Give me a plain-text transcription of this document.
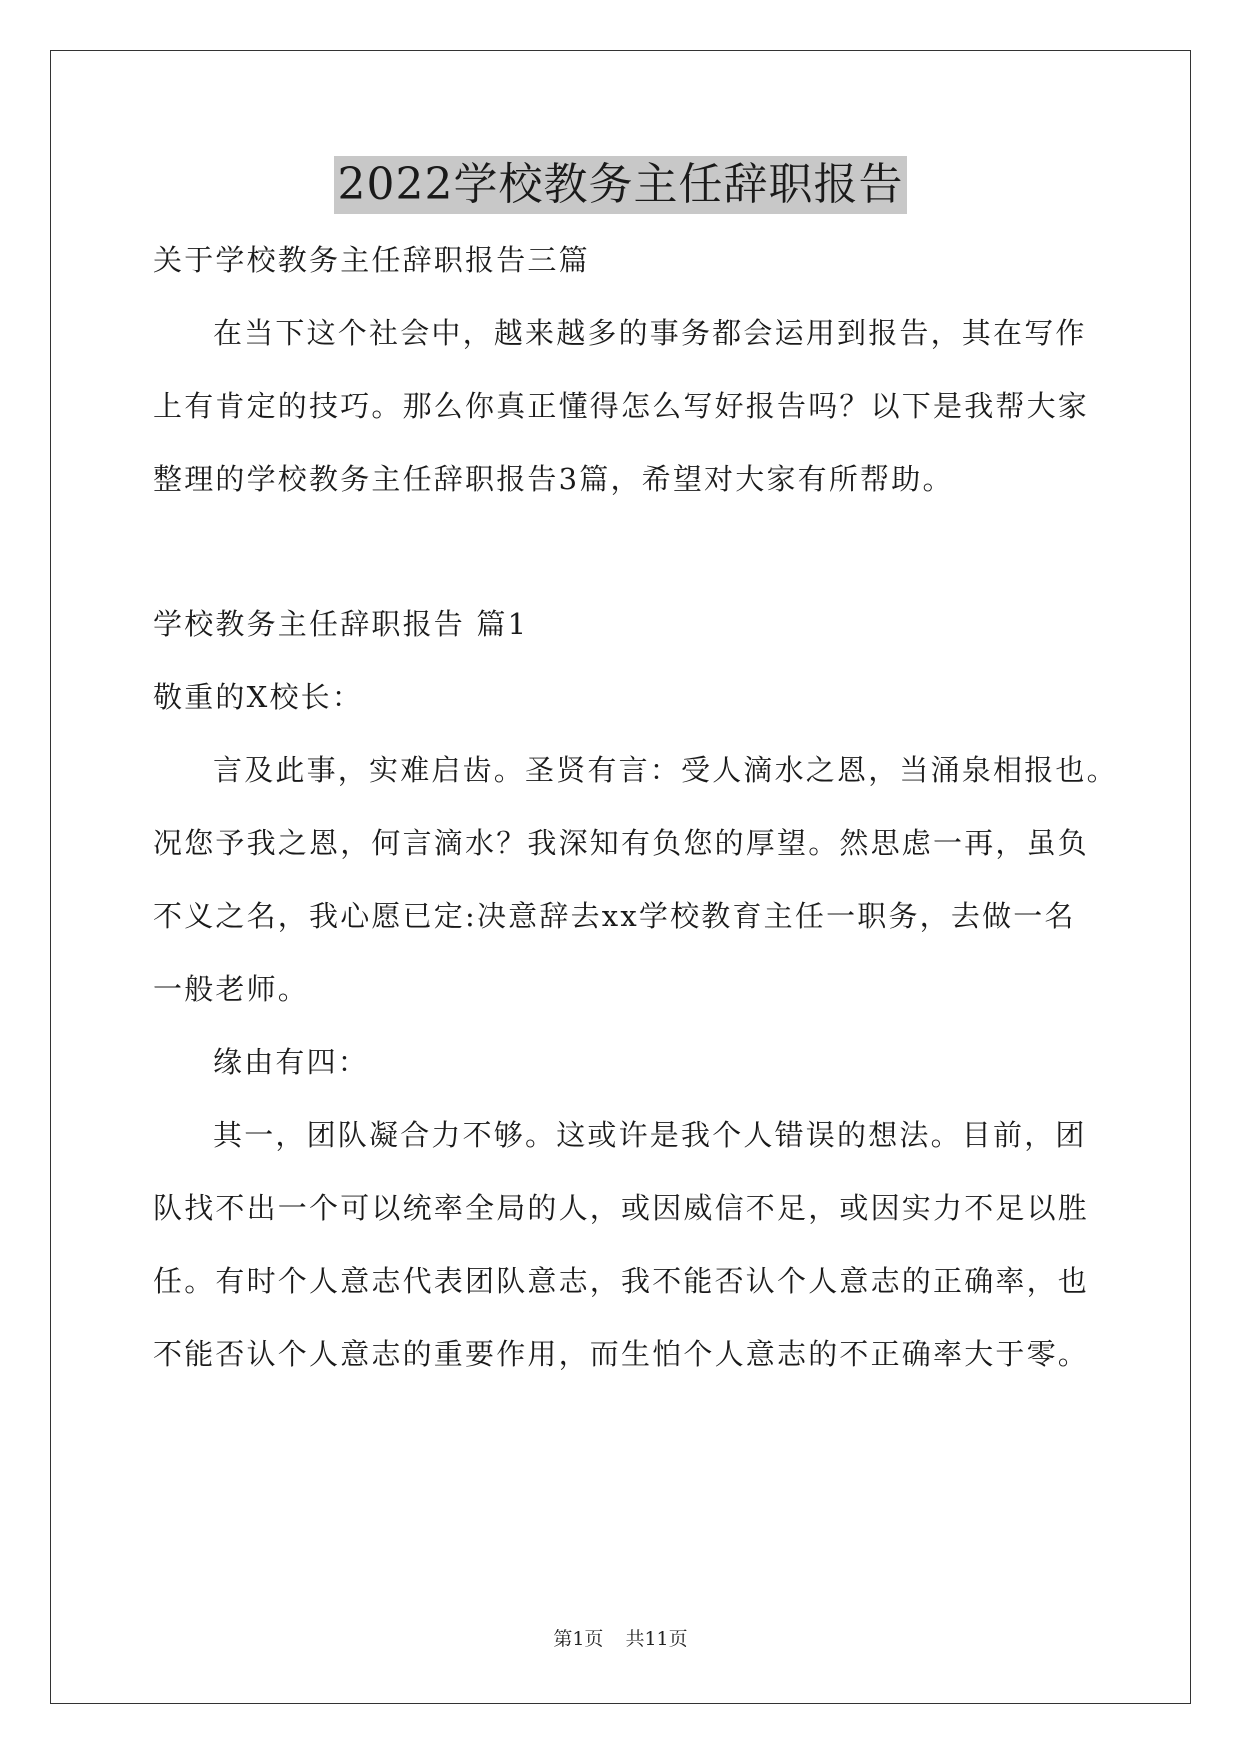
2022学校教务主任辞职报告
关于学校教务主任辞职报告三篇
在当下这个社会中，越来越多的事务都会运用到报告，其在写作
上有肯定的技巧。那么你真正懂得怎么写好报告吗？以下是我帮大家
整理的学校教务主任辞职报告3篇，希望对大家有所帮助。
学校教务主任辞职报告 篇1
敬重的X校长：
言及此事，实难启齿。圣贤有言：受人滴水之恩，当涌泉相报也。
况您予我之恩，何言滴水？我深知有负您的厚望。然思虑一再，虽负
不义之名，我心愿已定:决意辞去xx学校教育主任一职务，去做一名
一般老师。
缘由有四：
其一，团队凝合力不够。这或许是我个人错误的想法。目前，团
队找不出一个可以统率全局的人，或因威信不足，或因实力不足以胜
任。有时个人意志代表团队意志，我不能否认个人意志的正确率，也
不能否认个人意志的重要作用，而生怕个人意志的不正确率大于零。
第1页 共11页
